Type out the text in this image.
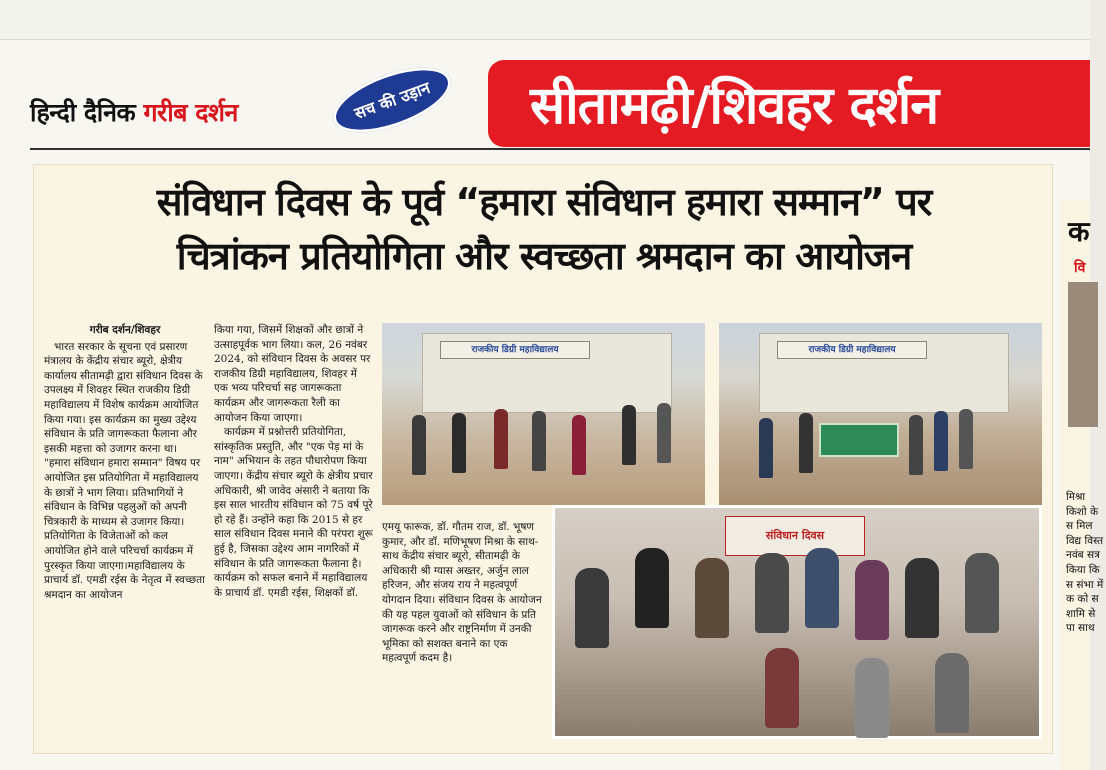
हिन्दी दैनिक गरीब दर्शन	सच की उड़ान	सीतामढ़ी/शिवहर दर्शन
संविधान दिवस के पूर्व “हमारा संविधान हमारा सम्मान” पर
चित्रांकन प्रतियोगिता और स्वच्छता श्रमदान का आयोजन
गरीब दर्शन/शिवहर

भारत सरकार के सूचना एवं प्रसारण मंत्रालय के केंद्रीय संचार ब्यूरो, क्षेत्रीय कार्यालय सीतामढ़ी द्वारा संविधान दिवस के उपलक्ष्य में शिवहर स्थित राजकीय डिग्री महाविद्यालय में विशेष कार्यक्रम आयोजित किया गया। इस कार्यक्रम का मुख्य उद्देश्य संविधान के प्रति जागरूकता फैलाना और इसकी महत्ता को उजागर करना था। "हमारा संविधान हमारा सम्मान" विषय पर आयोजित इस प्रतियोगिता में महाविद्यालय के छात्रों ने भाग लिया। प्रतिभागियों ने संविधान के विभिन्न पहलुओं को अपनी चित्रकारी के माध्यम से उजागर किया। प्रतियोगिता के विजेताओं को कल आयोजित होने वाले परिचर्चा कार्यक्रम में पुरस्कृत किया जाएगा।महाविद्यालय के प्राचार्य डॉ. एमडी रईस के नेतृत्व में स्वच्छता श्रमदान का आयोजन

किया गया, जिसमें शिक्षकों और छात्रों ने उत्साहपूर्वक भाग लिया। कल, 26 नवंबर 2024, को संविधान दिवस के अवसर पर राजकीय डिग्री महाविद्यालय, शिवहर में एक भव्य परिचर्चा सह जागरूकता कार्यक्रम और जागरूकता रैली का आयोजन किया जाएगा।

कार्यक्रम में प्रश्नोत्तरी प्रतियोगिता, सांस्कृतिक प्रस्तुति, और "एक पेड़ मां के नाम" अभियान के तहत पौधारोपण किया जाएगा। केंद्रीय संचार ब्यूरो के क्षेत्रीय प्रचार अधिकारी, श्री जावेद अंसारी ने बताया कि इस साल भारतीय संविधान को 75 वर्ष पूरे हो रहे हैं। उन्होंने कहा कि 2015 से हर साल संविधान दिवस मनाने की परंपरा शुरू हुई है, जिसका उद्देश्य आम नागरिकों में संविधान के प्रति जागरूकता फैलाना है।कार्यक्रम को सफल बनाने में महाविद्यालय के प्राचार्य डॉ. एमडी रईस, शिक्षकों डॉ.

एमयू फारूक, डॉ. गौतम राज, डॉ. भूषण कुमार, और डॉ. मणिभूषण मिश्रा के साथ-साथ केंद्रीय संचार ब्यूरो, सीतामढ़ी के अधिकारी श्री ग्यास अख्तर, अर्जुन लाल हरिजन, और संजय राय ने महत्वपूर्ण योगदान दिया। संविधान दिवस के आयोजन की यह पहल युवाओं को संविधान के प्रति जागरूक करने और राष्ट्रनिर्माण में उनकी भूमिका को सशक्त बनाने का एक महत्वपूर्ण कदम है।

राजकीय डिग्री महाविद्यालय	राजकीय डिग्री महाविद्यालय
संविधान दिवस
क
वि
मिश्रा किशो के स मिल विद्य विस्त नवंब सत्र किया कि स संभा में क को स शामि से पा साथ
